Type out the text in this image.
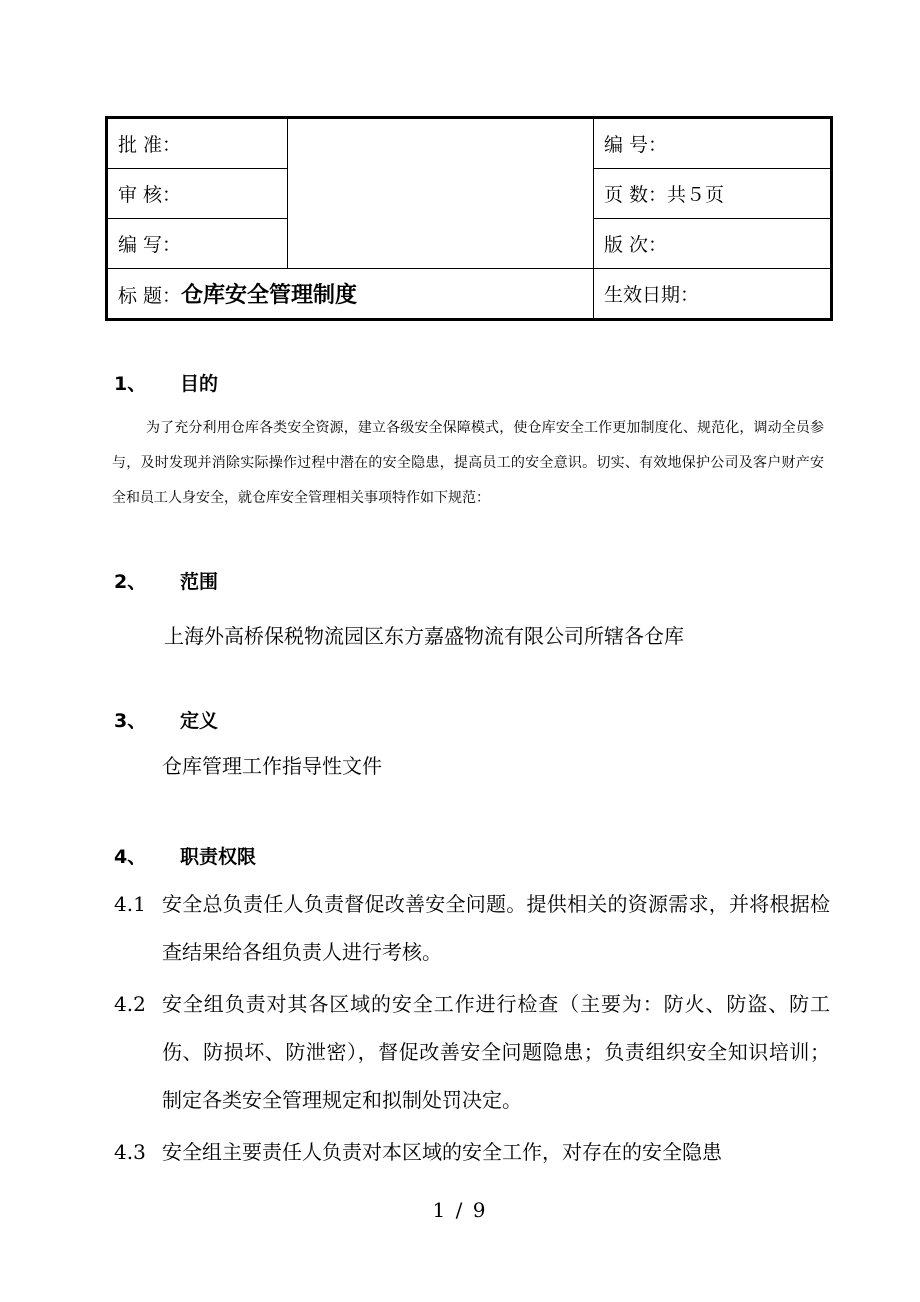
批 准：		编 号：
审 核：		页 数：共５页
编 写：		版 次：
标 题：仓库安全管理制度		生效日期：
1、 目的

为了充分利用仓库各类安全资源，建立各级安全保障模式，使仓库安全工作更加制度化、规范化，调动全员参与，及时发现并消除实际操作过程中潜在的安全隐患，提高员工的安全意识。切实、有效地保护公司及客户财产安全和员工人身安全，就仓库安全管理相关事项特作如下规范：

2、 范围
上海外高桥保税物流园区东方嘉盛物流有限公司所辖各仓库
3、 定义
仓库管理工作指导性文件
4、 职责权限
4.1 安全总负责任人负责督促改善安全问题。提供相关的资源需求，并将根据检查结果给各组负责人进行考核。
4.2 安全组负责对其各区域的安全工作进行检查（主要为：防火、防盗、防工伤、防损坏、防泄密），督促改善安全问题隐患；负责组织安全知识培训；制定各类安全管理规定和拟制处罚决定。
4.3 安全组主要责任人负责对本区域的安全工作，对存在的安全隐患
1 / 9
